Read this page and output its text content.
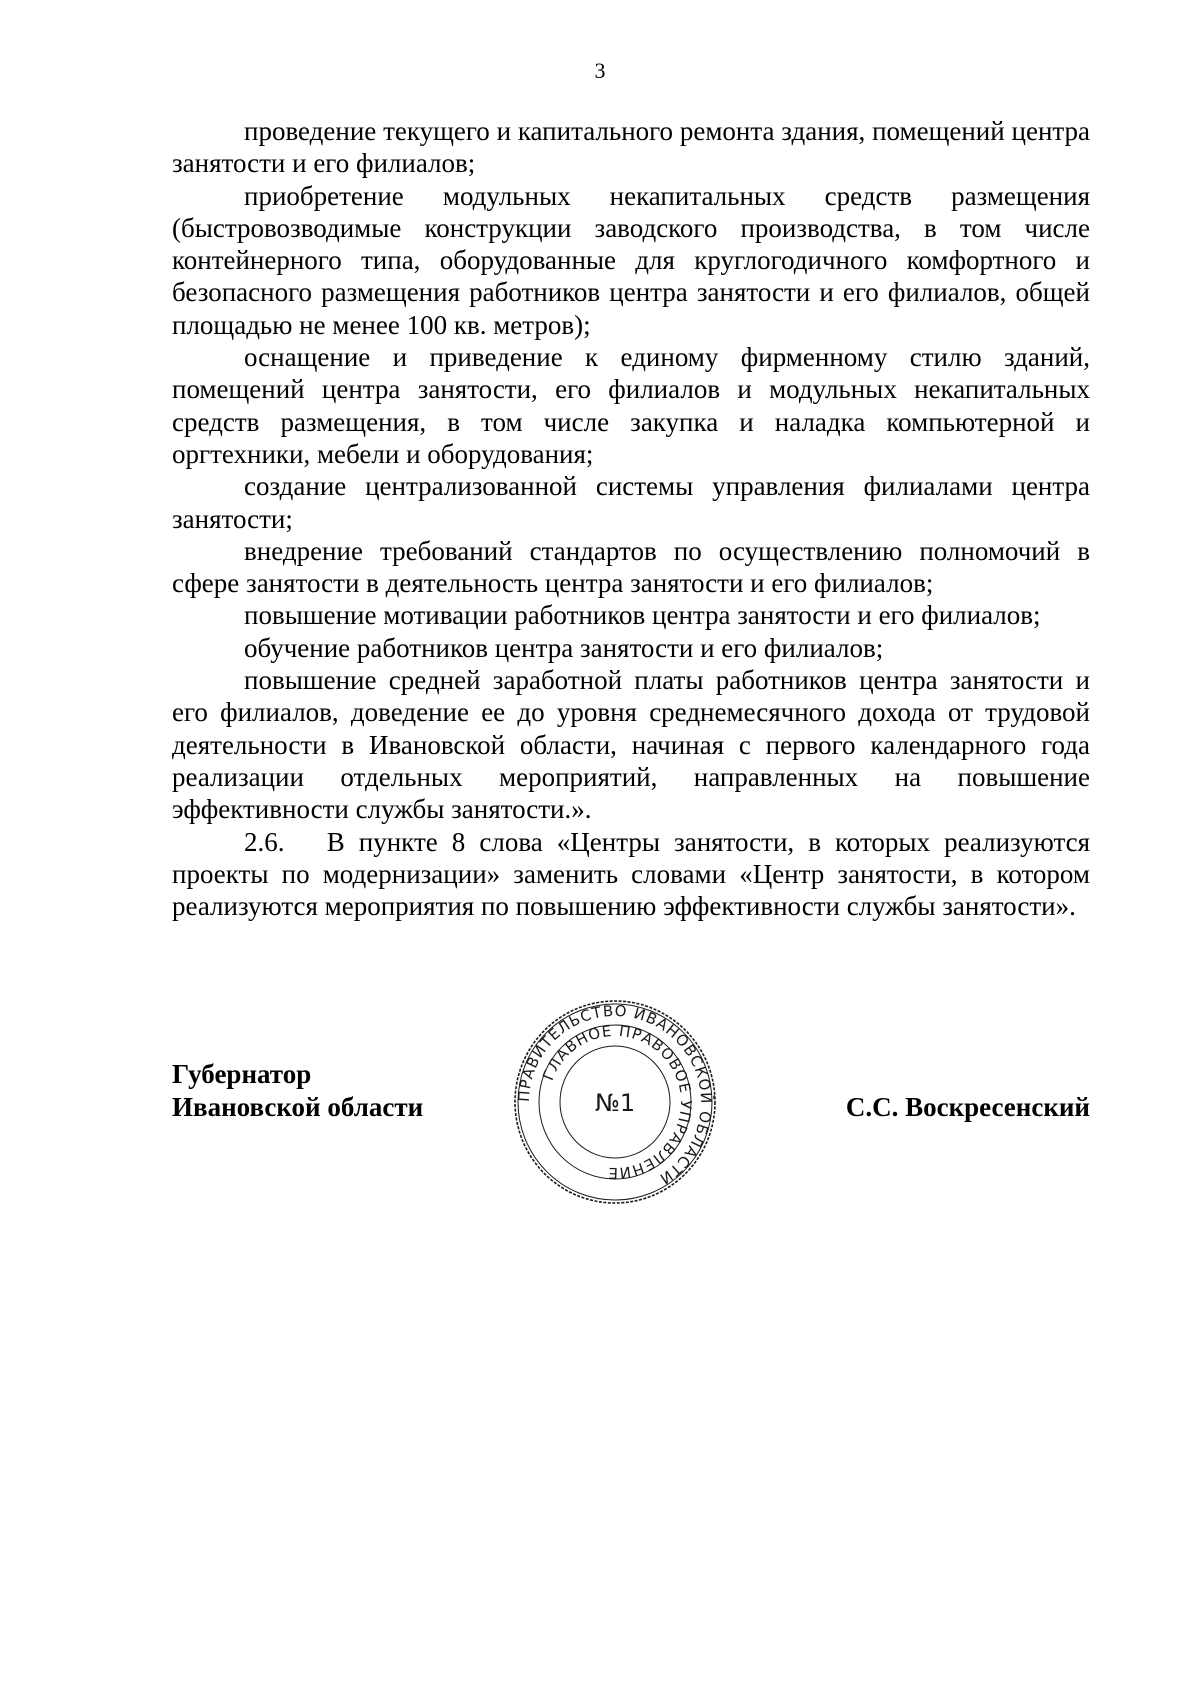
3

проведение текущего и капитального ремонта здания, помещений центра занятости и его филиалов;

приобретение модульных некапитальных средств размещения (быстровозводимые конструкции заводского производства, в том числе контейнерного типа, оборудованные для круглогодичного комфортного и безопасного размещения работников центра занятости и его филиалов, общей площадью не менее 100 кв. метров);

оснащение и приведение к единому фирменному стилю зданий, помещений центра занятости, его филиалов и модульных некапитальных средств размещения, в том числе закупка и наладка компьютерной и оргтехники, мебели и оборудования;

создание централизованной системы управления филиалами центра занятости;

внедрение требований стандартов по осуществлению полномочий в сфере занятости в деятельность центра занятости и его филиалов;

повышение мотивации работников центра занятости и его филиалов;

обучение работников центра занятости и его филиалов;

повышение средней заработной платы работников центра занятости и его филиалов, доведение ее до уровня среднемесячного дохода от трудовой деятельности в Ивановской области, начиная с первого календарного года реализации отдельных мероприятий, направленных на повышение эффективности службы занятости.».

2.6.   В пункте 8 слова «Центры занятости, в которых реализуются проекты по модернизации» заменить словами «Центр занятости, в котором реализуются мероприятия по повышению эффективности службы занятости».

Губернатор
Ивановской области	С.С. Воскресенский
ПРАВИТЕЛЬСТВО ИВАНОВСКОЙ ОБЛАСТИ
ГЛАВНОЕ ПРАВОВОЕ УПРАВЛЕНИЕ
№1
